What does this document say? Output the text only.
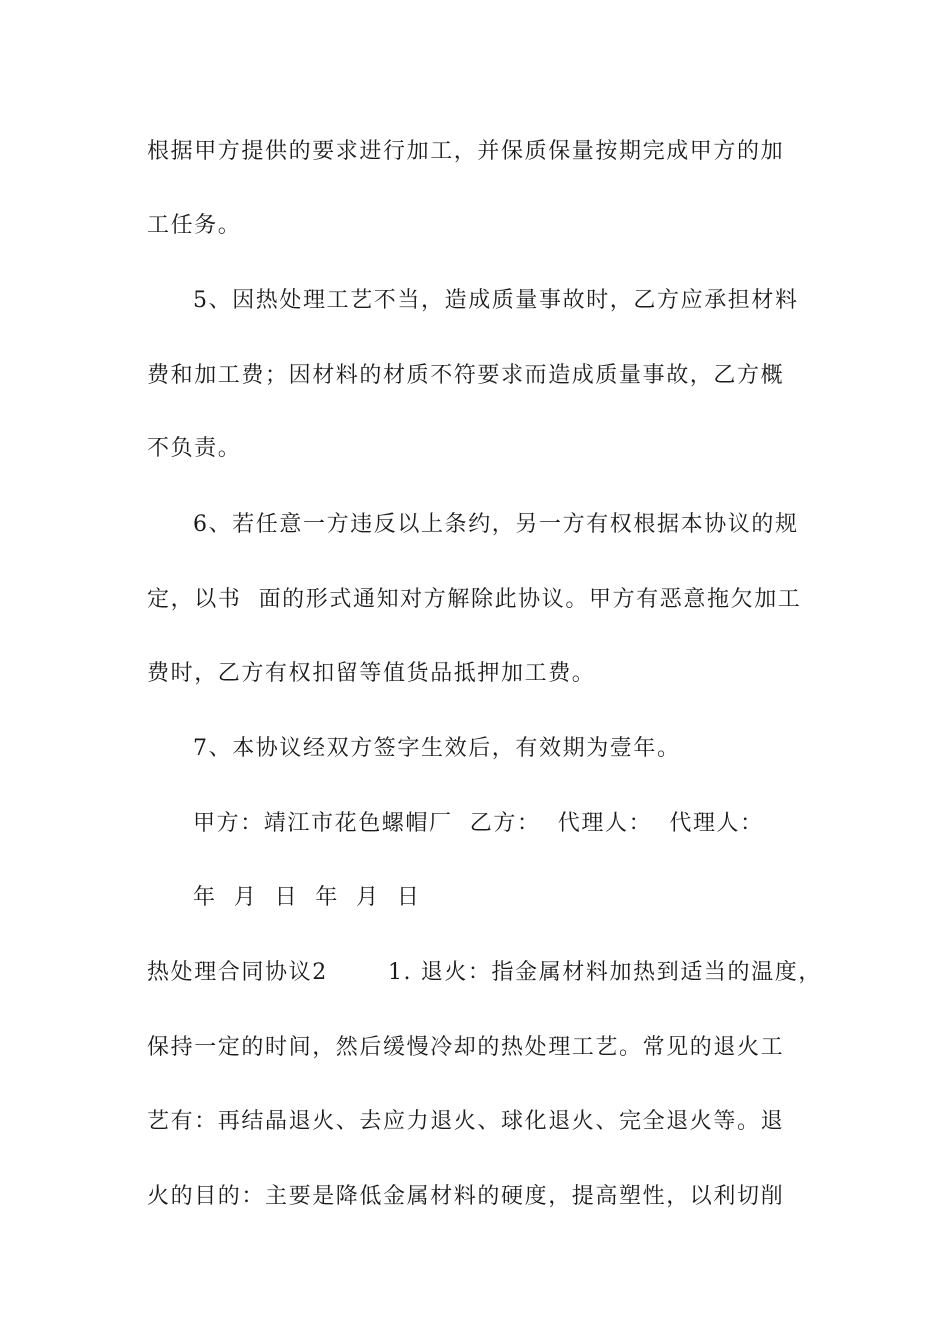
根据甲方提供的要求进行加工，并保质保量按期完成甲方的加
工任务。
5、因热处理工艺不当，造成质量事故时，乙方应承担材料
费和加工费；因材料的材质不符要求而造成质量事故，乙方概
不负责。
6、若任意一方违反以上条约，另一方有权根据本协议的规
定，以书  面的形式通知对方解除此协议。甲方有恶意拖欠加工
费时，乙方有权扣留等值货品抵押加工费。
7、本协议经双方签字生效后，有效期为壹年。
甲方：靖江市花色螺帽厂  乙方：  代理人：  代理人：
年  月  日  年  月  日
热处理合同协议2       1. 退火：指金属材料加热到适当的温度，
保持一定的时间，然后缓慢冷却的热处理工艺。常见的退火工
艺有：再结晶退火、去应力退火、球化退火、完全退火等。退
火的目的：主要是降低金属材料的硬度，提高塑性，以利切削
